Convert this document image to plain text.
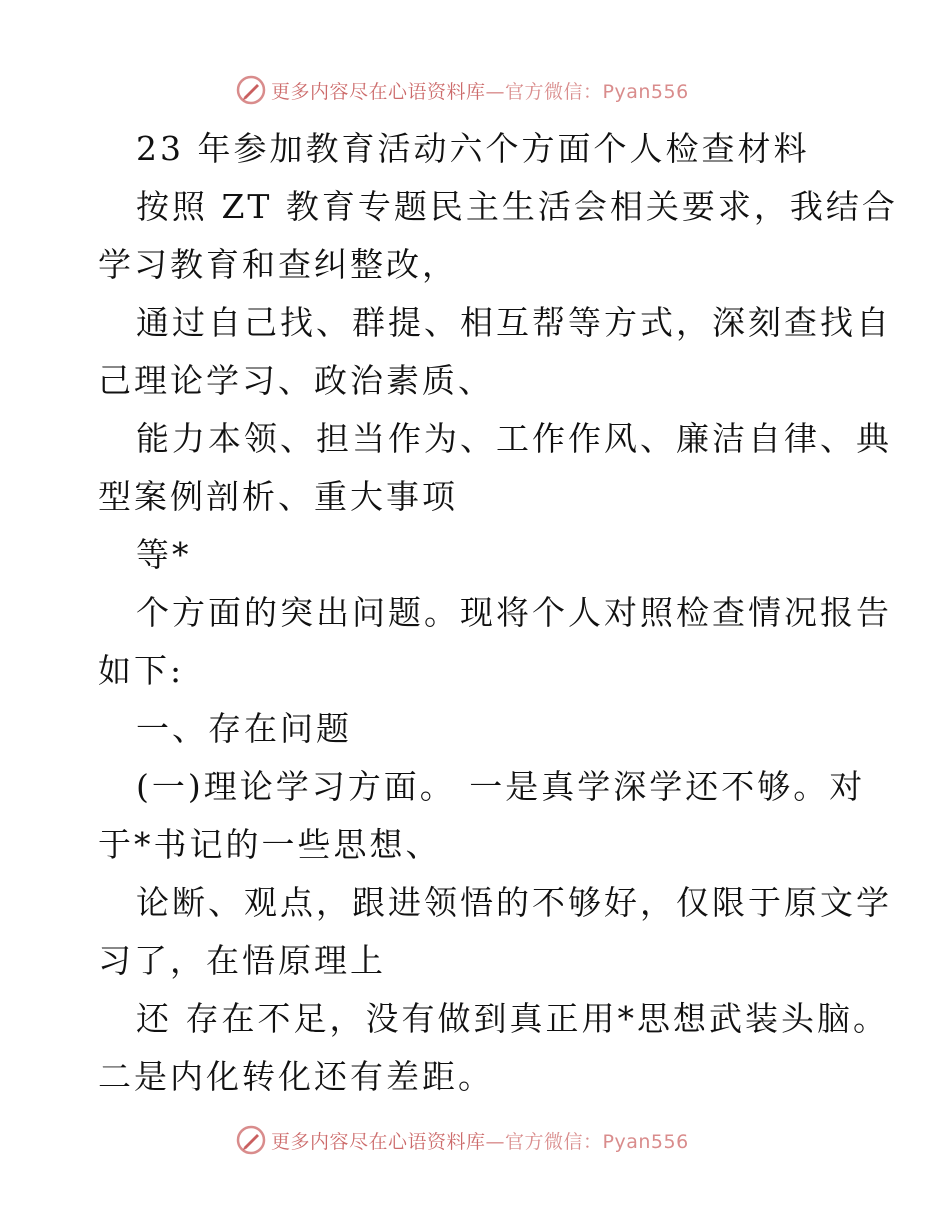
更多内容尽在心语资料库—官方微信：Pyan556
23 年参加教育活动六个方面个人检查材料
按照 ZT 教育专题民主生活会相关要求，我结合
学习教育和查纠整改，
通过自己找、群提、相互帮等方式，深刻查找自
己理论学习、政治素质、
能力本领、担当作为、工作作风、廉洁自律、典
型案例剖析、重大事项
等*
个方面的突出问题。现将个人对照检查情况报告
如下:
一、存在问题
(一)理论学习方面。 一是真学深学还不够。对
于*书记的一些思想、
论断、观点，跟进领悟的不够好，仅限于原文学
习了，在悟原理上
还 存在不足，没有做到真正用*思想武装头脑。
二是内化转化还有差距。
更多内容尽在心语资料库—官方微信：Pyan556
